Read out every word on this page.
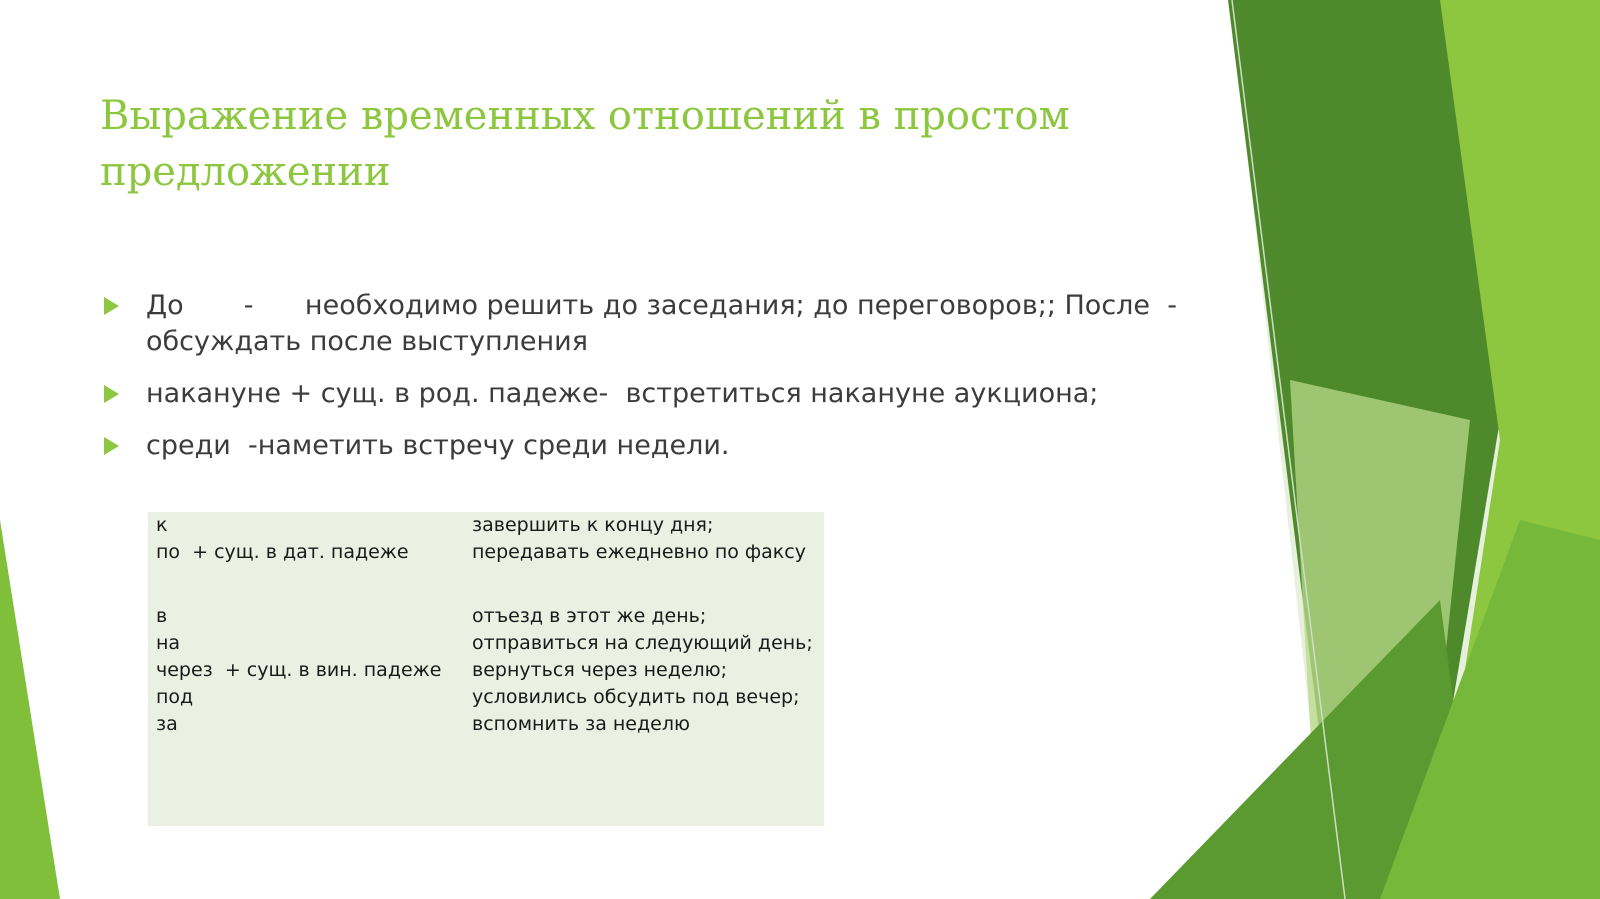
Выражение временных отношений в простом предложении
До       -      необходимо решить до заседания; до переговоров;; После  -  обсуждать после выступления
накануне + сущ. в род. падеже-  встретиться накануне аукциона;
среди  -наметить встречу среди недели.
к
по  + сущ. в дат. падеже
в
на
через  + сущ. в вин. падеже
под
за
завершить к концу дня;
передавать ежедневно по факсу
отъезд в этот же день;
отправиться на следующий день;
вернуться через неделю;
условились обсудить под вечер;
вспомнить за неделю
